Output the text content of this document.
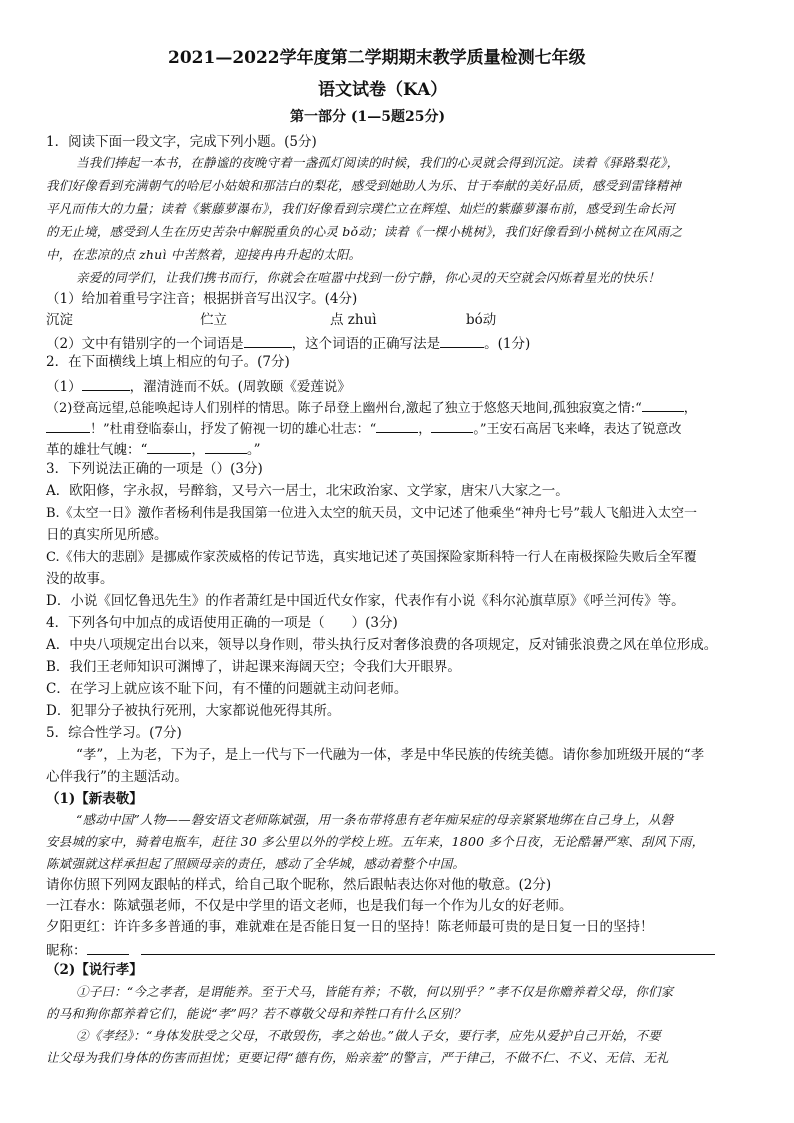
2021—2022学年度第二学期期末教学质量检测七年级
语文试卷（KA）
第一部分 (1—5题25分)
1．阅读下面一段文字，完成下列小题。(5分)
当我们捧起一本书，在静谧的夜晚守着一盏孤灯阅读的时候，我们的心灵就会得到沉淀。读着《驿路梨花》，
我们好像看到充满朝气的哈尼小姑娘和那洁白的梨花，感受到她助人为乐、甘于奉献的美好品质，感受到雷锋精神
平凡而伟大的力量；读着《紫藤萝瀑布》，我们好像看到宗璞伫立在辉煌、灿烂的紫藤萝瀑布前，感受到生命长河
的无止境，感受到人生在历史苦杂中解脱重负的心灵 bǒ动；读着《一棵小桃树》，我们好像看到小桃树立在风雨之
中，在悲凉的点 zhuì 中苦熬着，迎接冉冉升起的太阳。
亲爱的同学们，让我们携书而行，你就会在喧嚣中找到一份宁静，你心灵的天空就会闪烁着星光的快乐！
（1）给加着重号字注音；根据拼音写出汉字。(4分)
沉淀	伫立	点 zhuì	bó动
（2）文中有错别字的一个词语是	，这个词语的正确写法是	。(1分)
2．在下面横线上填上相应的句子。(7分)
（1）	，濯清涟而不妖。(周敦颐《爱莲说》
（2)登高远望,总能唤起诗人们别样的情思。陈子昂登上幽州台,激起了独立于悠悠天地间,孤独寂寞之情:“	，
！”杜甫登临泰山，抒发了俯视一切的雄心壮志：“	，	。”王安石高居飞来峰，表达了锐意改
革的雄壮气魄：“	，	。”
3．下列说法正确的一项是（）(3分)
A．欧阳修，字永叔，号醉翁，又号六一居士，北宋政治家、文学家，唐宋八大家之一。
B.《太空一日》激作者杨利伟是我国第一位进入太空的航天员，文中记述了他乘坐“神舟七号”载人飞船进入太空一
日的真实所见所感。
C.《伟大的悲剧》是挪威作家茨威格的传记节选，真实地记述了英国探险家斯科特一行人在南极探险失败后全军覆
没的故事。
D．小说《回忆鲁迅先生》的作者萧红是中国近代女作家，代表作有小说《科尔沁旗草原》《呼兰河传》等。
4．下列各句中加点的成语使用正确的一项是（　　）(3分)
A．中央八项规定出台以来，领导以身作则，带头执行反对奢侈浪费的各项规定，反对铺张浪费之风在单位形成。
B．我们王老师知识可渊博了，讲起课来海阔天空；令我们大开眼界。
C．在学习上就应该不耻下问，有不懂的问题就主动问老师。
D．犯罪分子被执行死刑，大家都说他死得其所。
5．综合性学习。(7分)
“孝”，上为老，下为子，是上一代与下一代融为一体，孝是中华民族的传统美德。请你参加班级开展的“孝
心伴我行”的主题活动。
（1)【新表敬】
“感动中国”人物——磐安语文老师陈斌强，用一条布带将患有老年痴呆症的母亲紧紧地绑在自己身上，从磐
安县城的家中，骑着电瓶车，赶往 30 多公里以外的学校上班。五年来，1800 多个日夜，无论酷暑严寒、刮风下雨，
陈斌强就这样承担起了照顾母亲的责任，感动了全华城，感动着整个中国。
请你仿照下列网友跟帖的样式，给自己取个昵称，然后跟帖表达你对他的敬意。(2分)
一江春水：陈斌强老师，不仅是中学里的语文老师，也是我们每一个作为儿女的好老师。
夕阳更红：许许多多普通的事，难就难在是否能日复一日的坚持！陈老师最可贵的是日复一日的坚持！
昵称：
（2)【说行孝】
①子曰：“今之孝者，是谓能养。至于犬马，皆能有养；不敬，何以别乎？”孝不仅是你赡养着父母，你们家
的马和狗你都养着它们，能说“孝”吗？若不尊敬父母和养牲口有什么区别？
②《孝经》：“身体发肤受之父母，不敢毁伤，孝之始也。”做人子女，要行孝，应先从爱护自己开始，不要
让父母为我们身体的伤害而担忧；更要记得“德有伤，贻亲羞”的警言，严于律己，不做不仁、不义、无信、无礼
